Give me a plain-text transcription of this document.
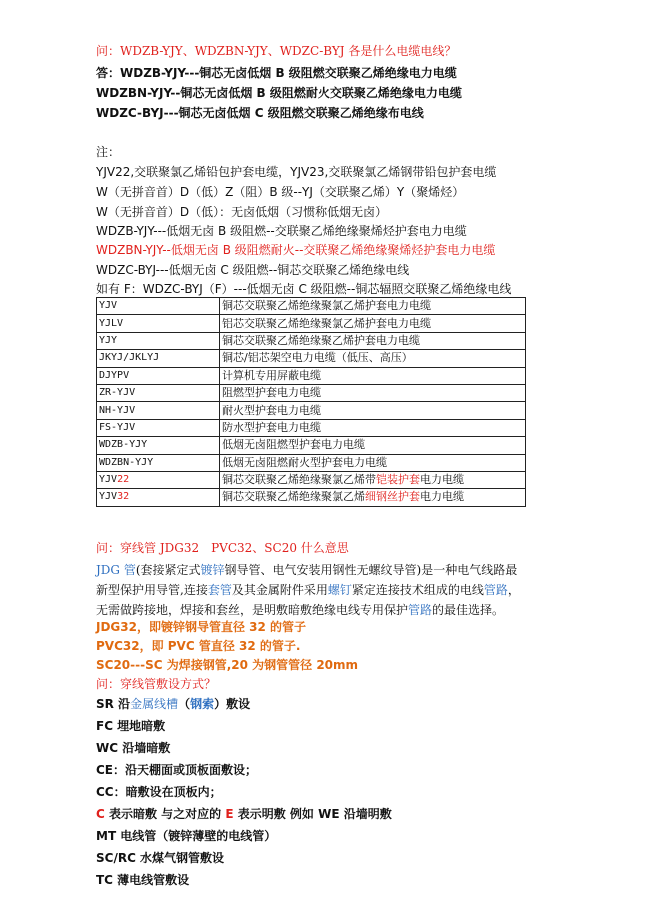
问：WDZB-YJY、WDZBN-YJY、WDZC-BYJ 各是什么电缆电线？
答：WDZB-YJY---铜芯无卤低烟 B 级阻燃交联聚乙烯绝缘电力电缆
WDZBN-YJY--铜芯无卤低烟 B 级阻燃耐火交联聚乙烯绝缘电力电缆
WDZC-BYJ---铜芯无卤低烟 C 级阻燃交联聚乙烯绝缘布电线
注：
YJV22,交联聚氯乙烯铅包护套电缆，YJV23,交联聚氯乙烯钢带铅包护套电缆
W（无拼音首）D（低）Z（阻）B 级--YJ（交联聚乙烯）Y（聚烯烃）
W（无拼音首）D（低）：无卤低烟（习惯称低烟无卤）
WDZB-YJY---低烟无卤 B 级阻燃--交联聚乙烯绝缘聚烯烃护套电力电缆
WDZBN-YJY--低烟无卤 B 级阻燃耐火--交联聚乙烯绝缘聚烯烃护套电力电缆
WDZC-BYJ---低烟无卤 C 级阻燃--铜芯交联聚乙烯绝缘电线
如有 F：WDZC-BYJ（F）---低烟无卤 C 级阻燃--铜芯辐照交联聚乙烯绝缘电线
YJV	铜芯交联聚乙烯绝缘聚氯乙烯护套电力电缆
YJLV	铝芯交联聚乙烯绝缘聚氯乙烯护套电力电缆
YJY	铜芯交联聚乙烯绝缘聚乙烯护套电力电缆
JKYJ/JKLYJ	铜芯/铝芯架空电力电缆（低压、高压）
DJYPV	计算机专用屏蔽电缆
ZR-YJV	阻燃型护套电力电缆
NH-YJV	耐火型护套电力电缆
FS-YJV	防水型护套电力电缆
WDZB-YJY	低烟无卤阻燃型护套电力电缆
WDZBN-YJY	低烟无卤阻燃耐火型护套电力电缆
YJV22	铜芯交联聚乙烯绝缘聚氯乙烯带铠装护套电力电缆
YJV32	铜芯交联聚乙烯绝缘聚氯乙烯细钢丝护套电力电缆
问：穿线管 JDG32　PVC32、SC20 什么意思
JDG 管(套接紧定式镀锌钢导管、电气安装用钢性无螺纹导管)是一种电气线路最
新型保护用导管,连接套管及其金属附件采用螺钉紧定连接技术组成的电线管路，
无需做跨接地，焊接和套丝，是明敷暗敷绝缘电线专用保护管路的最佳选择。
JDG32，即镀锌钢导管直径 32 的管子
PVC32，即 PVC 管直径 32 的管子.
SC20---SC 为焊接钢管,20 为钢管管径 20mm
问：穿线管敷设方式？
SR 沿金属线槽（钢索）敷设
FC 埋地暗敷
WC 沿墙暗敷
CE：沿天棚面或顶板面敷设；
CC：暗敷设在顶板内；
C 表示暗敷 与之对应的 E 表示明敷 例如 WE 沿墙明敷
MT 电线管（镀锌薄壁的电线管）
SC/RC 水煤气钢管敷设
TC 薄电线管敷设
